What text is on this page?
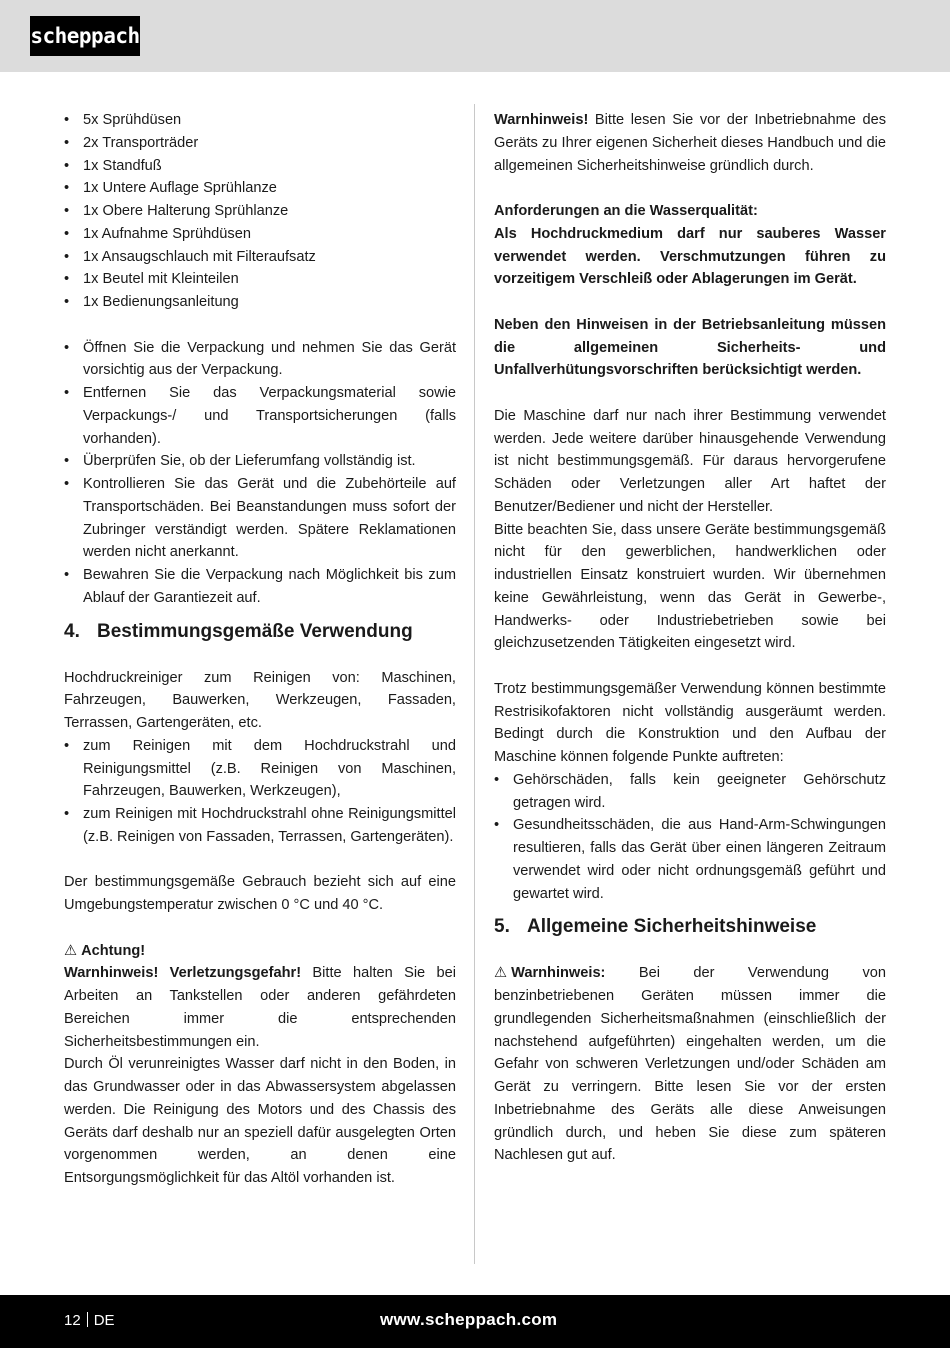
scheppach
• 5x Sprühdüsen
• 2x Transporträder
• 1x Standfuß
• 1x Untere Auflage Sprühlanze
• 1x Obere Halterung Sprühlanze
• 1x Aufnahme Sprühdüsen
• 1x Ansaugschlauch mit Filteraufsatz
• 1x Beutel mit Kleinteilen
• 1x Bedienungsanleitung
• Öffnen Sie die Verpackung und nehmen Sie das Gerät vorsichtig aus der Verpackung.
• Entfernen Sie das Verpackungsmaterial sowie Verpackungs-/ und Transportsicherungen (falls vorhanden).
• Überprüfen Sie, ob der Lieferumfang vollständig ist.
• Kontrollieren Sie das Gerät und die Zubehörteile auf Transportschäden. Bei Beanstandungen muss sofort der Zubringer verständigt werden. Spätere Reklamationen werden nicht anerkannt.
• Bewahren Sie die Verpackung nach Möglichkeit bis zum Ablauf der Garantiezeit auf.
4. Bestimmungsgemäße Verwendung

Hochdruckreiniger zum Reinigen von: Maschinen, Fahrzeugen, Bauwerken, Werkzeugen, Fassaden, Terrassen, Gartengeräten, etc.

• zum Reinigen mit dem Hochdruckstrahl und Reinigungsmittel (z.B. Reinigen von Maschinen, Fahrzeugen, Bauwerken, Werkzeugen),
• zum Reinigen mit Hochdruckstrahl ohne Reinigungsmittel (z.B. Reinigen von Fassaden, Terrassen, Gartengeräten).

Der bestimmungsgemäße Gebrauch bezieht sich auf eine Umgebungstemperatur zwischen 0 °C und 40 °C.

⚠ Achtung!

Warnhinweis! Verletzungsgefahr! Bitte halten Sie bei Arbeiten an Tankstellen oder anderen gefährdeten Bereichen immer die entsprechenden Sicherheitsbestimmungen ein.

Durch Öl verunreinigtes Wasser darf nicht in den Boden, in das Grundwasser oder in das Abwassersystem abgelassen werden. Die Reinigung des Motors und des Chassis des Geräts darf deshalb nur an speziell dafür ausgelegten Orten vorgenommen werden, an denen eine Entsorgungsmöglichkeit für das Altöl vorhanden ist.

Warnhinweis! Bitte lesen Sie vor der Inbetriebnahme des Geräts zu Ihrer eigenen Sicherheit dieses Handbuch und die allgemeinen Sicherheitshinweise gründlich durch.

Anforderungen an die Wasserqualität:

Als Hochdruckmedium darf nur sauberes Wasser verwendet werden. Verschmutzungen führen zu vorzeitigem Verschleiß oder Ablagerungen im Gerät.

Neben den Hinweisen in der Betriebsanleitung müssen die allgemeinen Sicherheits- und Unfallverhütungsvorschriften berücksichtigt werden.

Die Maschine darf nur nach ihrer Bestimmung verwendet werden. Jede weitere darüber hinausgehende Verwendung ist nicht bestimmungsgemäß. Für daraus hervorgerufene Schäden oder Verletzungen aller Art haftet der Benutzer/Bediener und nicht der Hersteller.

Bitte beachten Sie, dass unsere Geräte bestimmungsgemäß nicht für den gewerblichen, handwerklichen oder industriellen Einsatz konstruiert wurden. Wir übernehmen keine Gewährleistung, wenn das Gerät in Gewerbe-, Handwerks- oder Industriebetrieben sowie bei gleichzusetzenden Tätigkeiten eingesetzt wird.

Trotz bestimmungsgemäßer Verwendung können bestimmte Restrisikofaktoren nicht vollständig ausgeräumt werden. Bedingt durch die Konstruktion und den Aufbau der Maschine können folgende Punkte auftreten:

• Gehörschäden, falls kein geeigneter Gehörschutz getragen wird.
• Gesundheitsschäden, die aus Hand-Arm-Schwingungen resultieren, falls das Gerät über einen längeren Zeitraum verwendet wird oder nicht ordnungsgemäß geführt und gewartet wird.
5. Allgemeine Sicherheitshinweise

⚠ Warnhinweis: Bei der Verwendung von benzinbetriebenen Geräten müssen immer die grundlegenden Sicherheitsmaßnahmen (einschließlich der nachstehend aufgeführten) eingehalten werden, um die Gefahr von schweren Verletzungen und/oder Schäden am Gerät zu verringern. Bitte lesen Sie vor der ersten Inbetriebnahme des Geräts alle diese Anweisungen gründlich durch, und heben Sie diese zum späteren Nachlesen gut auf.

12 DE	www.scheppach.com
